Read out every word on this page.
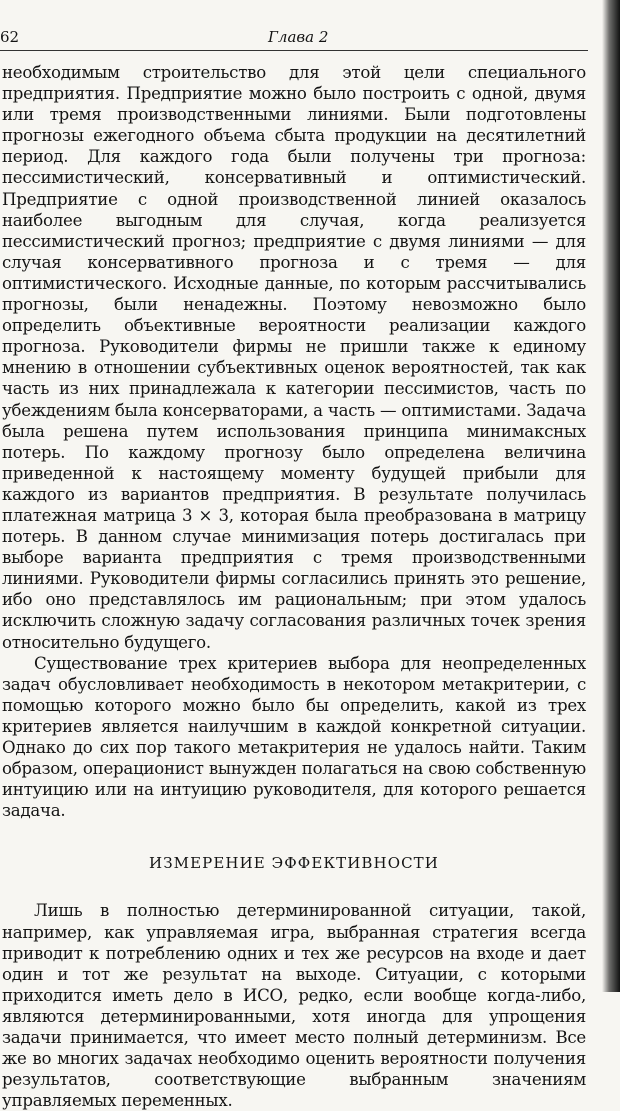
62	Глава 2

необходимым строительство для этой цели специального предприятия. Предприятие можно было построить с одной, двумя или тремя производственными линиями. Были подготовлены прогнозы ежегодного объема сбыта продукции на десятилетний период. Для каждого года были получены три прогноза: пессимистический, консервативный и оптимистический. Предприятие с одной производственной линией оказалось наиболее выгодным для случая, когда реализуется пессимистический прогноз; предприятие с двумя линиями — для случая консервативного прогноза и с тремя — для оптимистического. Исходные данные, по которым рассчитывались прогнозы, были ненадежны. Поэтому невозможно было определить объективные вероятности реализации каждого прогноза. Руководители фирмы не пришли также к единому мнению в отношении субъективных оценок вероятностей, так как часть из них принадлежала к категории пессимистов, часть по убеждениям была консерваторами, а часть — оптимистами. Задача была решена путем использования принципа минимаксных потерь. По каждому прогнозу было определена величина приведенной к настоящему моменту будущей прибыли для каждого из вариантов предприятия. В результате получилась платежная матрица 3 × 3, которая была преобразована в матрицу потерь. В данном случае минимизация потерь достигалась при выборе варианта предприятия с тремя производственными линиями. Руководители фирмы согласились принять это решение, ибо оно представлялось им рациональным; при этом удалось исключить сложную задачу согласования различных точек зрения относительно будущего.

Существование трех критериев выбора для неопределенных задач обусловливает необходимость в некотором метакритерии, с помощью которого можно было бы определить, какой из трех критериев является наилучшим в каждой конкретной ситуации. Однако до сих пор такого метакритерия не удалось найти. Таким образом, операционист вынужден полагаться на свою собственную интуицию или на интуицию руководителя, для которого решается задача.

ИЗМЕРЕНИЕ ЭФФЕКТИВНОСТИ

Лишь в полностью детерминированной ситуации, такой, например, как управляемая игра, выбранная стратегия всегда приводит к потреблению одних и тех же ресурсов на входе и дает один и тот же результат на выходе. Ситуации, с которыми приходится иметь дело в ИСО, редко, если вообще когда-либо, являются детерминированными, хотя иногда для упрощения задачи принимается, что имеет место полный детерминизм. Все же во многих задачах необходимо оценить вероятности получения результатов, соответствующие выбранным значениям управляемых переменных.
